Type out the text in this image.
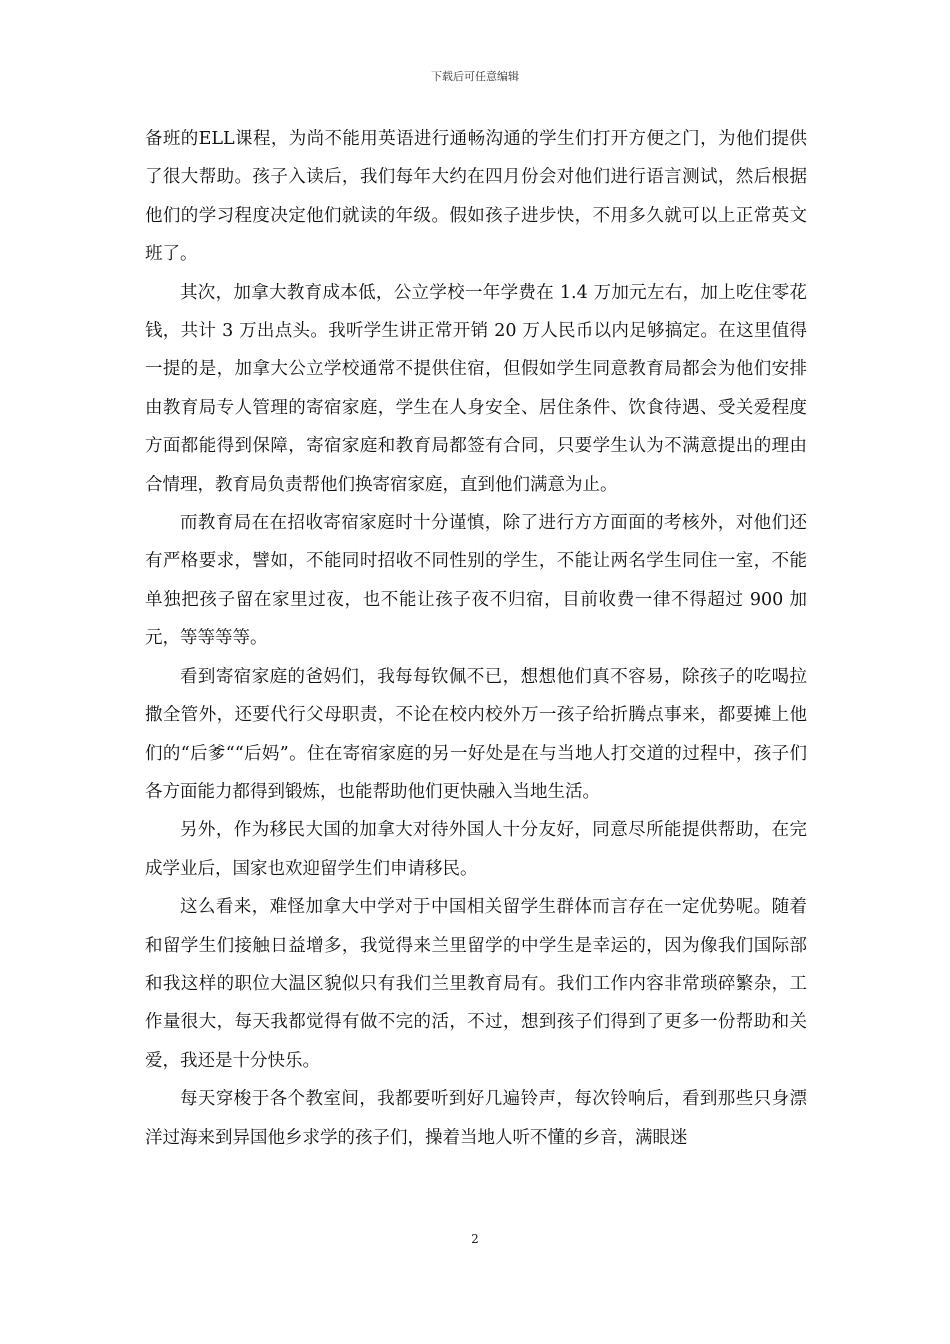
下载后可任意编辑

备班的ELL课程，为尚不能用英语进行通畅沟通的学生们打开方便之门，为他们提供了很大帮助。孩子入读后，我们每年大约在四月份会对他们进行语言测试，然后根据他们的学习程度决定他们就读的年级。假如孩子进步快，不用多久就可以上正常英文班了。

其次，加拿大教育成本低，公立学校一年学费在 1.4 万加元左右，加上吃住零花钱，共计 3 万出点头。我听学生讲正常开销 20 万人民币以内足够搞定。在这里值得一提的是，加拿大公立学校通常不提供住宿，但假如学生同意教育局都会为他们安排由教育局专人管理的寄宿家庭，学生在人身安全、居住条件、饮食待遇、受关爱程度方面都能得到保障，寄宿家庭和教育局都签有合同，只要学生认为不满意提出的理由合情理，教育局负责帮他们换寄宿家庭，直到他们满意为止。

而教育局在在招收寄宿家庭时十分谨慎，除了进行方方面面的考核外，对他们还有严格要求，譬如，不能同时招收不同性别的学生，不能让两名学生同住一室，不能单独把孩子留在家里过夜，也不能让孩子夜不归宿，目前收费一律不得超过 900 加元，等等等等。

看到寄宿家庭的爸妈们，我每每钦佩不已，想想他们真不容易，除孩子的吃喝拉撒全管外，还要代行父母职责，不论在校内校外万一孩子给折腾点事来，都要摊上他们的“后爹““后妈”。住在寄宿家庭的另一好处是在与当地人打交道的过程中，孩子们各方面能力都得到锻炼，也能帮助他们更快融入当地生活。

另外，作为移民大国的加拿大对待外国人十分友好，同意尽所能提供帮助，在完成学业后，国家也欢迎留学生们申请移民。

这么看来，难怪加拿大中学对于中国相关留学生群体而言存在一定优势呢。随着和留学生们接触日益增多，我觉得来兰里留学的中学生是幸运的，因为像我们国际部和我这样的职位大温区貌似只有我们兰里教育局有。我们工作内容非常琐碎繁杂，工作量很大，每天我都觉得有做不完的活，不过，想到孩子们得到了更多一份帮助和关爱，我还是十分快乐。

每天穿梭于各个教室间，我都要听到好几遍铃声，每次铃响后，看到那些只身漂洋过海来到异国他乡求学的孩子们，操着当地人听不懂的乡音，满眼迷

2
